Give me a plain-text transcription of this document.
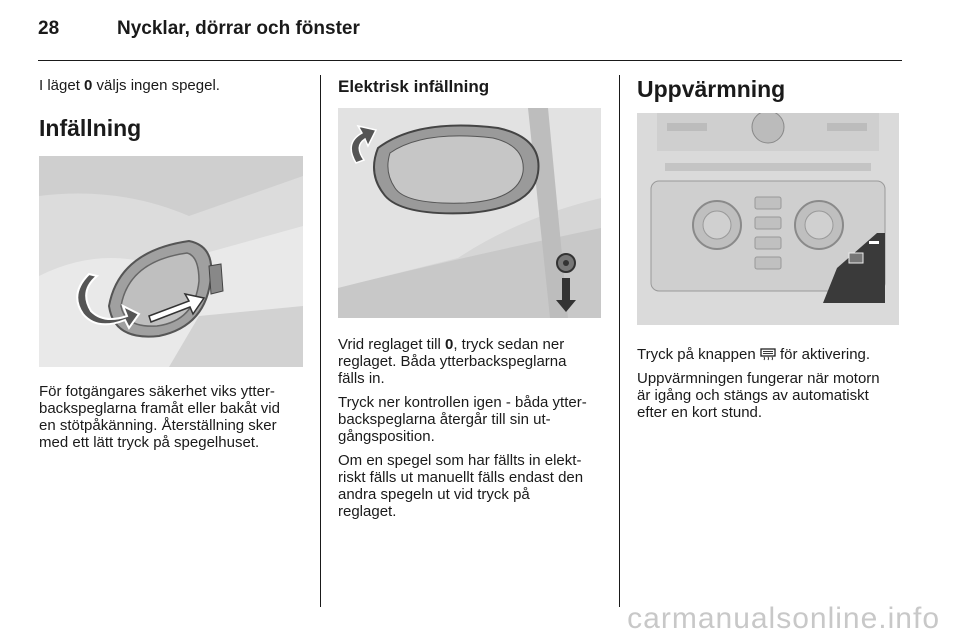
28	Nycklar, dörrar och fönster

I läget 0 väljs ingen spegel.

Infällning

För fotgängares säkerhet viks ytter-

backspeglarna framåt eller bakåt vid

en stötpåkänning. Återställning sker

med ett lätt tryck på spegelhuset.

Elektrisk infällning

Vrid reglaget till 0, tryck sedan ner

reglaget. Båda ytterbackspeglarna

fälls in.

Tryck ner kontrollen igen - båda ytter-

backspeglarna återgår till sin ut-

gångsposition.

Om en spegel som har fällts in elekt-

riskt fälls ut manuellt fälls endast den

andra spegeln ut vid tryck på

reglaget.

Uppvärmning

Tryck på knappen  för aktivering.

Uppvärmningen fungerar när motorn

är igång och stängs av automatiskt

efter en kort stund.

carmanualsonline.info
